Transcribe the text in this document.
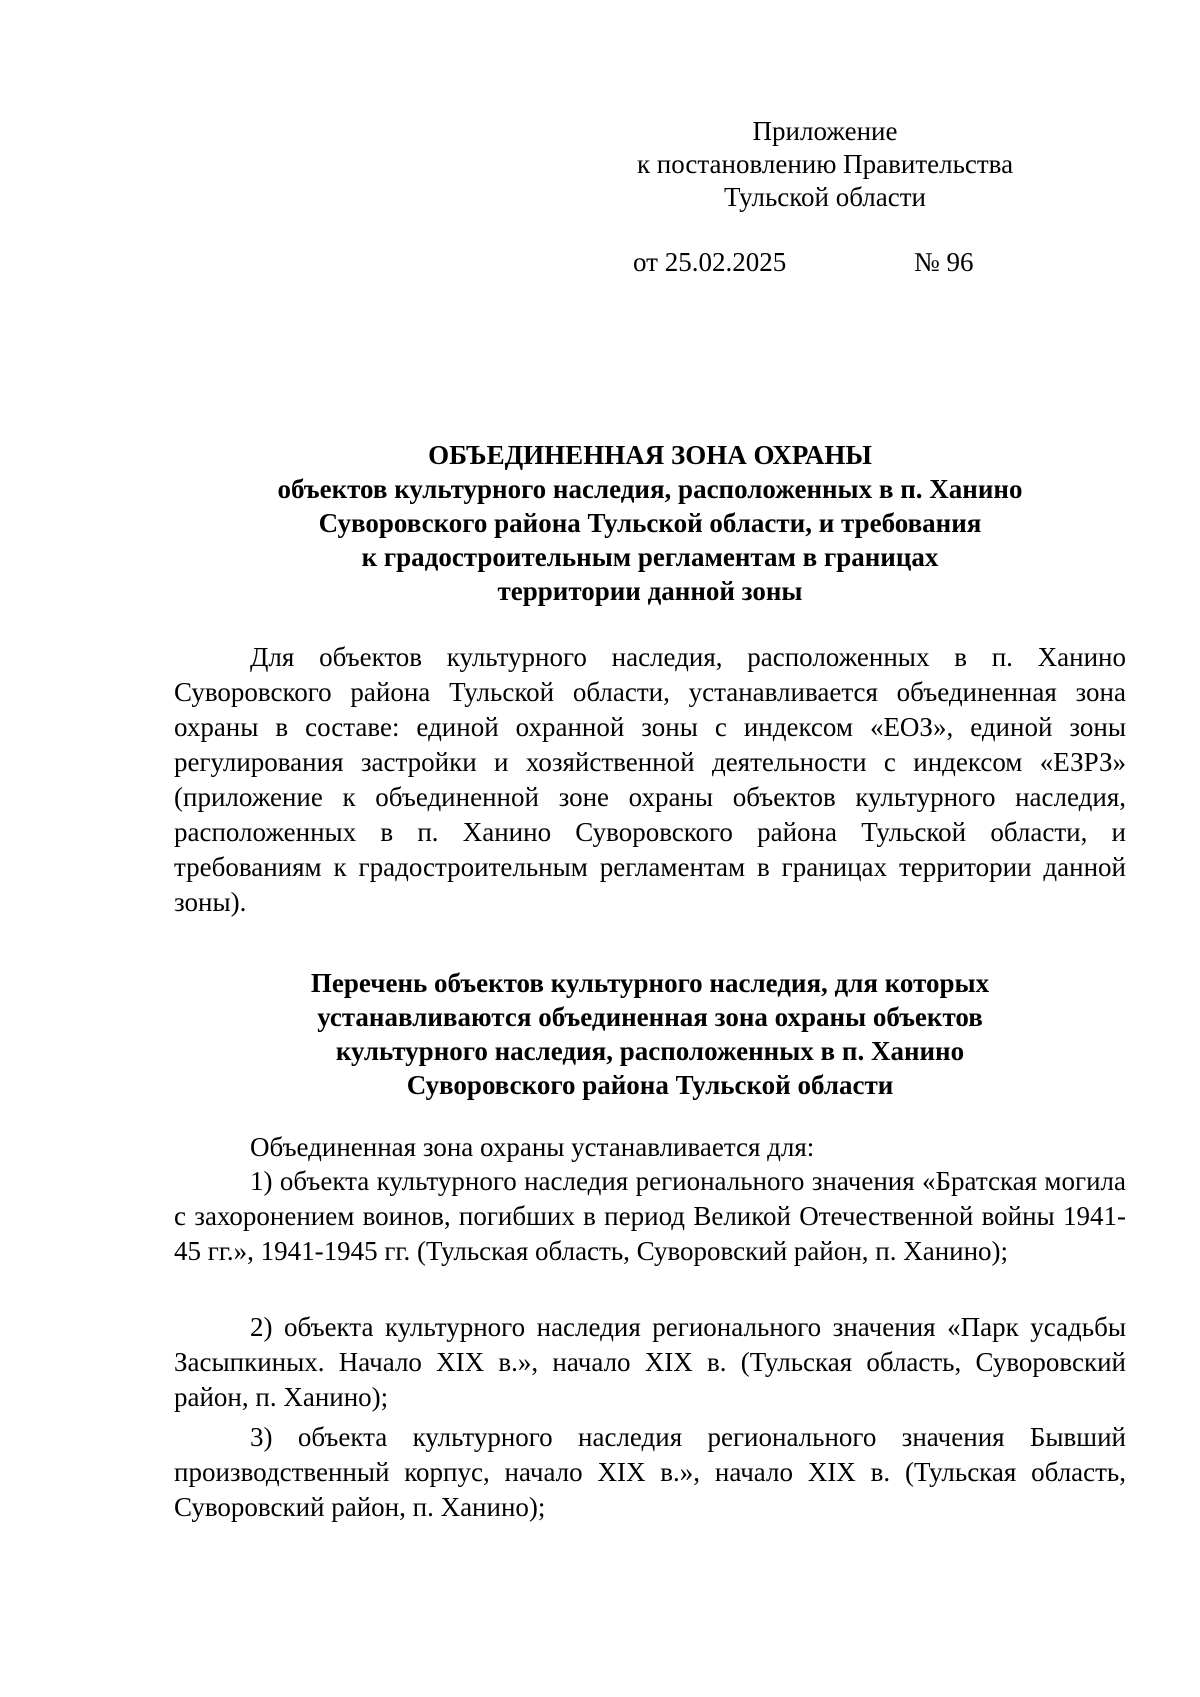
Приложение
к постановлению Правительства
Тульской области
от 25.02.2025	№ 96
ОБЪЕДИНЕННАЯ ЗОНА ОХРАНЫ
объектов культурного наследия, расположенных в п. Ханино
Суворовского района Тульской области, и требования
к градостроительным регламентам в границах
территории данной зоны
Для объектов культурного наследия, расположенных в п. Ханино Суворовского района Тульской области, устанавливается объединенная зона охраны в составе: единой охранной зоны с индексом «ЕОЗ», единой зоны регулирования застройки и хозяйственной деятельности с индексом «ЕЗРЗ» (приложение к объединенной зоне охраны объектов культурного наследия, расположенных в п. Ханино Суворовского района Тульской области, и требованиям к градостроительным регламентам в границах территории данной зоны).
Перечень объектов культурного наследия, для которых
устанавливаются объединенная зона охраны объектов
культурного наследия, расположенных в п. Ханино
Суворовского района Тульской области
Объединенная зона охраны устанавливается для:
1) объекта культурного наследия регионального значения «Братская могила с захоронением воинов, погибших в период Великой Отечественной войны 1941-45 гг.», 1941-1945 гг. (Тульская область, Суворовский район, п. Ханино);
2) объекта культурного наследия регионального значения «Парк усадьбы Засыпкиных. Начало XIX в.», начало XIX в. (Тульская область, Суворовский район, п. Ханино);
3) объекта культурного наследия регионального значения Бывший производственный корпус, начало XIX в.», начало XIX в. (Тульская область, Суворовский район, п. Ханино);
